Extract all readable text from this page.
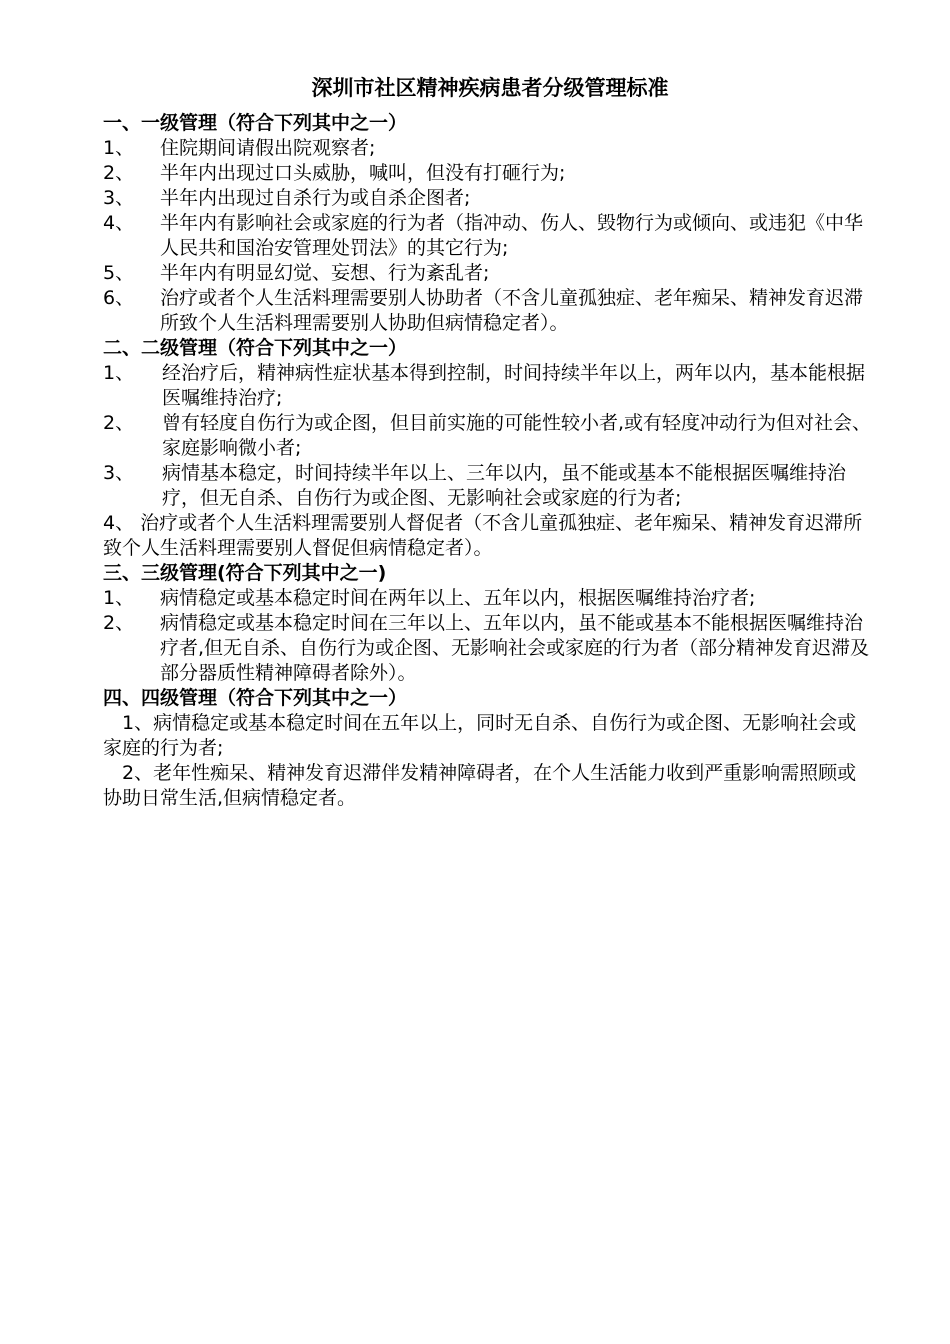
深圳市社区精神疾病患者分级管理标准
一、一级管理（符合下列其中之一）
1、	住院期间请假出院观察者;
2、	半年内出现过口头威胁，喊叫，但没有打砸行为;
3、	半年内出现过自杀行为或自杀企图者;
4、	半年内有影响社会或家庭的行为者（指冲动、伤人、毁物行为或倾向、或违犯《中华人民共和国治安管理处罚法》的其它行为;
5、	半年内有明显幻觉、妄想、行为紊乱者;
6、	治疗或者个人生活料理需要别人协助者（不含儿童孤独症、老年痴呆、精神发育迟滞所致个人生活料理需要别人协助但病情稳定者）。
二、二级管理（符合下列其中之一）
1、	经治疗后，精神病性症状基本得到控制，时间持续半年以上，两年以内，基本能根据医嘱维持治疗;
2、	曾有轻度自伤行为或企图，但目前实施的可能性较小者,或有轻度冲动行为但对社会、家庭影响微小者;
3、	病情基本稳定，时间持续半年以上、三年以内，虽不能或基本不能根据医嘱维持治疗，但无自杀、自伤行为或企图、无影响社会或家庭的行为者;

4、 治疗或者个人生活料理需要别人督促者（不含儿童孤独症、老年痴呆、精神发育迟滞所致个人生活料理需要别人督促但病情稳定者）。

三、三级管理(符合下列其中之一)
1、	病情稳定或基本稳定时间在两年以上、五年以内，根据医嘱维持治疗者;
2、	病情稳定或基本稳定时间在三年以上、五年以内，虽不能或基本不能根据医嘱维持治疗者,但无自杀、自伤行为或企图、无影响社会或家庭的行为者（部分精神发育迟滞及部分器质性精神障碍者除外）。
四、四级管理（符合下列其中之一）

1、病情稳定或基本稳定时间在五年以上，同时无自杀、自伤行为或企图、无影响社会或家庭的行为者;

2、老年性痴呆、精神发育迟滞伴发精神障碍者，在个人生活能力收到严重影响需照顾或协助日常生活,但病情稳定者。
